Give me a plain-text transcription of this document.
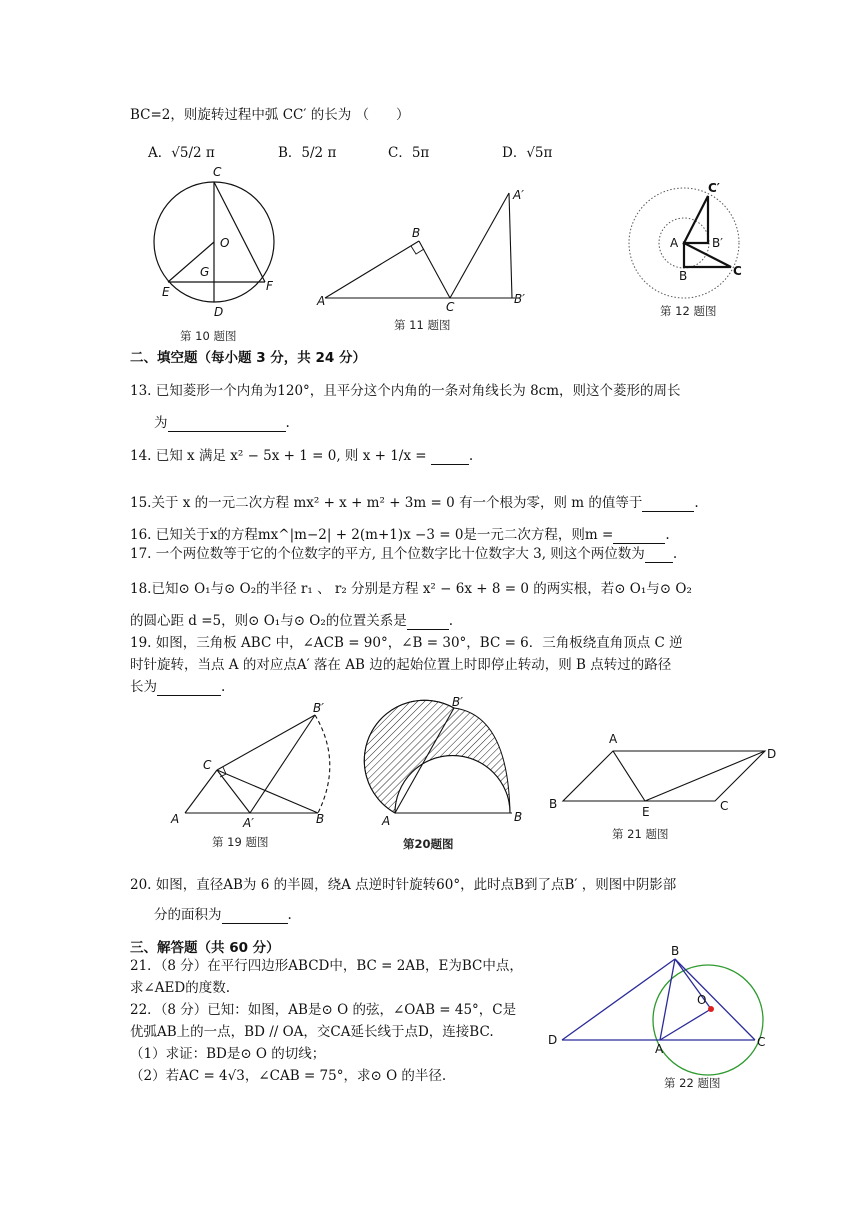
BC=2，则旋转过程中弧 CC′ 的长为 （　　）
A．√5/2 π	B．5/2 π	C．5π	D．√5π
C
O
G
E	F
D
第 10 题图
A′
B
A	C
B′
第 11 题图
C′
A	B′
B	C
第 12 题图
二、填空题（每小题 3 分，共 24 分）
13. 已知菱形一个内角为120°，且平分这个内角的一条对角线长为 8cm，则这个菱形的周长
为	.
14. 已知 x 满足 x² − 5x + 1 = 0, 则 x + 1/x =	.
15.关于 x 的一元二次方程 mx² + x + m² + 3m = 0 有一个根为零，则 m 的值等于	.
16. 已知关于x的方程mx^|m−2| + 2(m+1)x −3 = 0是一元二次方程，则m =	.
17. 一个两位数等于它的个位数字的平方, 且个位数字比十位数字大 3, 则这个两位数为 .
18.已知⊙ O₁与⊙ O₂的半径 r₁ 、 r₂ 分别是方程 x² − 6x + 8 = 0 的两实根，若⊙ O₁与⊙ O₂
的圆心距 d =5，则⊙ O₁与⊙ O₂的位置关系是	.
19. 如图，三角板 ABC 中，∠ACB = 90°，∠B = 30°，BC = 6．三角板绕直角顶点 C 逆
时针旋转，当点 A 的对应点A′ 落在 AB 边的起始位置上时即停止转动，则 B 点转过的路径
长为	.
B′
C
A	A′	B
第 19 题图
B′
A	B
第20题图
A
D
B
E	C
第 21 题图
20. 如图，直径AB为 6 的半圆，绕A 点逆时针旋转60°，此时点B到了点B′ ，则图中阴影部
分的面积为	.
三、解答题（共 60 分）
21．（8 分）在平行四边形ABCD中，BC = 2AB，E为BC中点，
求∠AED的度数.
22．（8 分）已知：如图，AB是⊙ O 的弦，∠OAB = 45°，C是
优弧AB上的一点，BD // OA，交CA延长线于点D，连接BC.
（1）求证：BD是⊙ O 的切线；
（2）若AC = 4√3，∠CAB = 75°，求⊙ O 的半径.
B
O
D
A	C
第 22 题图
